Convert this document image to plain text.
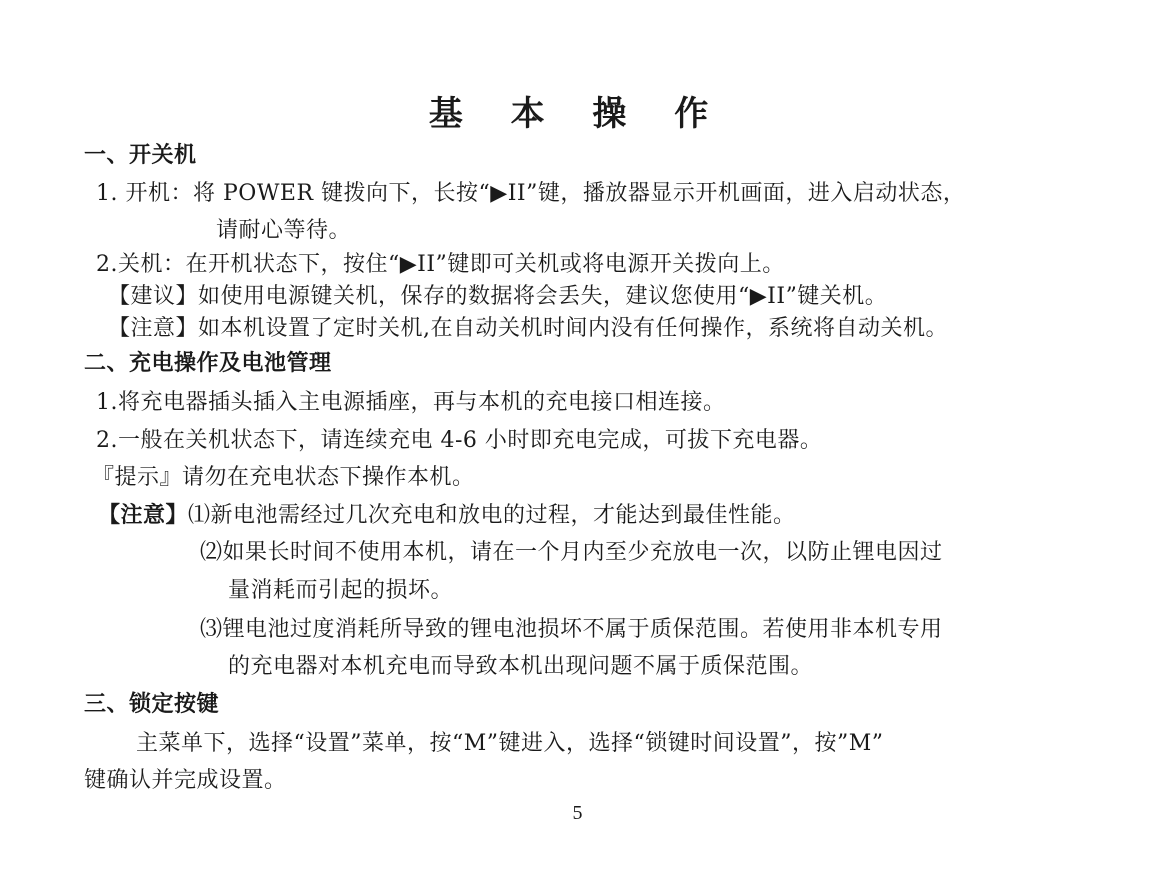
基 本 操 作
一、开关机
1. 开机：将 POWER 键拨向下，长按“▶II”键，播放器显示开机画面，进入启动状态，
请耐心等待。
2.关机：在开机状态下，按住“▶II”键即可关机或将电源开关拨向上。
【建议】如使用电源键关机，保存的数据将会丢失，建议您使用“▶II”键关机。
【注意】如本机设置了定时关机,在自动关机时间内没有任何操作，系统将自动关机。
二、充电操作及电池管理
1.将充电器插头插入主电源插座，再与本机的充电接口相连接。
2.一般在关机状态下，请连续充电 4-6 小时即充电完成，可拔下充电器。
『提示』请勿在充电状态下操作本机。
【注意】⑴新电池需经过几次充电和放电的过程，才能达到最佳性能。
⑵如果长时间不使用本机，请在一个月内至少充放电一次，以防止锂电因过
量消耗而引起的损坏。
⑶锂电池过度消耗所导致的锂电池损坏不属于质保范围。若使用非本机专用
的充电器对本机充电而导致本机出现问题不属于质保范围。
三、锁定按键
主菜单下，选择“设置”菜单，按“M”键进入，选择“锁键时间设置”，按”M”
键确认并完成设置。
5
